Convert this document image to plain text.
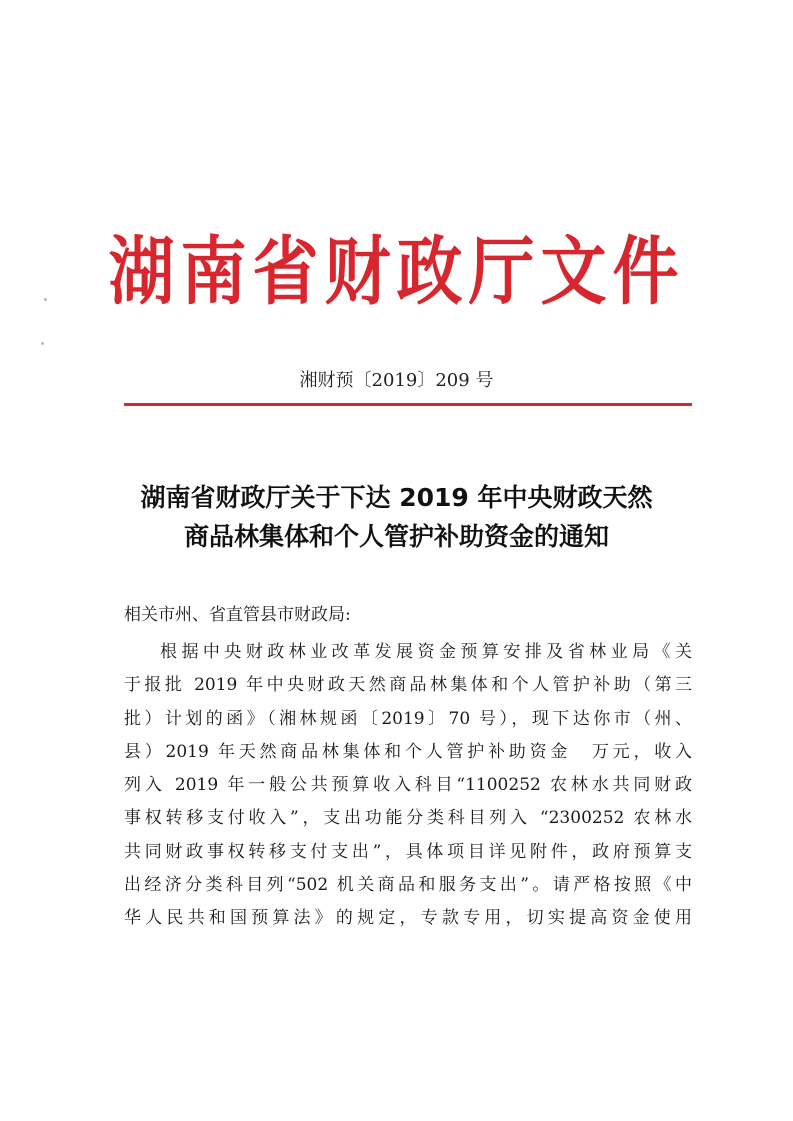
湖南省财政厅文件
湘财预〔2019〕209 号
湖南省财政厅关于下达 2019 年中央财政天然
商品林集体和个人管护补助资金的通知
相关市州、省直管县市财政局:
根据中央财政林业改革发展资金预算安排及省林业局《关
于报批 2019 年中央财政天然商品林集体和个人管护补助（第三
批）计划的函》（湘林规函〔2019〕70 号），现下达你市（州、
县）2019 年天然商品林集体和个人管护补助资金　万元，收入
列入 2019 年一般公共预算收入科目“1100252 农林水共同财政
事权转移支付收入”，支出功能分类科目列入 “2300252 农林水
共同财政事权转移支付支出”，具体项目详见附件，政府预算支
出经济分类科目列“502 机关商品和服务支出”。请严格按照《中
华人民共和国预算法》的规定，专款专用，切实提高资金使用
